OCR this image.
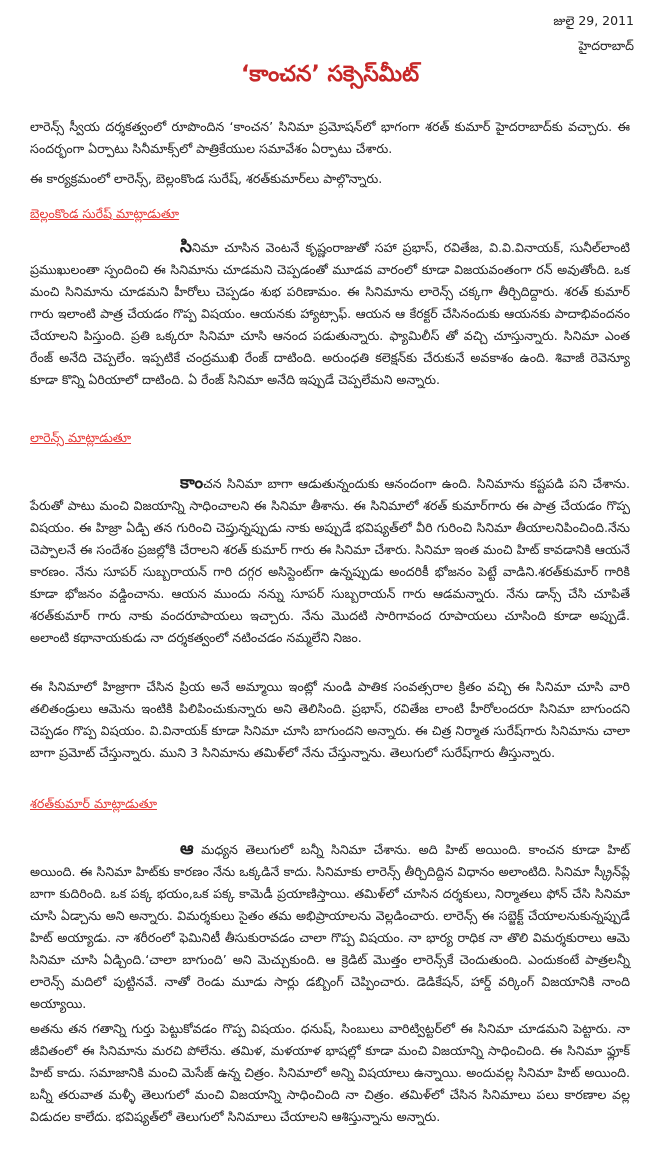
జులై 29, 2011
హైదరాబాద్
‘కాంచన’ సక్సెస్‌మీట్

లారెన్స్ స్వీయ దర్శకత్వంలో రూపొందిన ‘కాంచన’ సినిమా ప్రమోషన్‌లో భాగంగా శరత్ కుమార్ హైదరాబాద్‌కు వచ్చారు. ఈ సందర్భంగా ఏర్పాటు సినీమాక్స్‌లో పాత్రికేయుల సమావేశం ఏర్పాటు చేశారు.

ఈ కార్యక్రమంలో లారెన్స్, బెల్లంకొండ సురేష్, శరత్‌కుమార్‌లు పాల్గొన్నారు.

బెల్లంకొండ సురేష్ మాట్లాడుతూ

సినిమా చూసిన వెంటనే కృష్ణంరాజుతో సహా ప్రభాస్, రవితేజ, వి.వి.వినాయక్, సునీల్‌లాంటి ప్రముఖులంతా స్పందించి ఈ సినిమాను చూడమని చెప్పడంతో మూడవ వారంలో కూడా విజయవంతంగా రన్ అవుతోంది. ఒక మంచి సినిమాను చూడమని హీరోలు చెప్పడం శుభ పరిణామం. ఈ సినిమాను లారెన్స్ చక్కగా తీర్చిదిద్దారు. శరత్ కుమార్ గారు ఇలాంటి పాత్ర చేయడం గొప్ప విషయం. ఆయనకు హ్యాట్సాఫ్. ఆయన ఆ కేరక్టర్ చేసినందుకు ఆయనకు పాదాభివందనం చేయాలని పిస్తుంది. ప్రతి ఒక్కరూ సినిమా చూసి ఆనంద పడుతున్నారు. ఫ్యామిలీస్ తో వచ్చి చూస్తున్నారు. సినిమా ఎంత రేంజ్ అనేది చెప్పలేం. ఇప్పటికే చంద్రముఖి రేంజ్ దాటింది. అరుంధతి కలెక్షన్‌కు చేరుకునే అవకాశం ఉంది. శివాజీ రెవెన్యూ కూడా కొన్ని ఏరియాలో దాటింది. ఏ రేంజ్ సినిమా అనేది ఇప్పుడే చెప్పలేమని అన్నారు.

లారెన్స్ మాట్లాడుతూ

కాంచన సినిమా బాగా ఆడుతున్నందుకు ఆనందంగా ఉంది. సినిమాను కష్టపడి పని చేశాను. పేరుతో పాటు మంచి విజయాన్ని సాధించాలని ఈ సినిమా తీశాను. ఈ సినిమాలో శరత్ కుమార్‌గారు ఈ పాత్ర చేయడం గొప్ప విషయం. ఈ హిజ్రా ఏడ్పి తన గురించి చెప్తున్నప్పుడు నాకు అప్పుడే భవిష్యత్‌లో వీరి గురించి సినిమా తీయాలనిపించింది.నేను చెప్పాలనే ఈ సందేశం ప్రజల్లోకి చేరాలని శరత్ కుమార్ గారు ఈ సినిమా చేశారు. సినిమా ఇంత మంచి హిట్ కావడానికి ఆయనే కారణం. నేను సూపర్ సుబ్బరాయన్ గారి దగ్గర అసిస్టెంట్‌గా ఉన్నప్పుడు అందరికీ భోజనం పెట్టే వాడిని.శరత్‌కుమార్ గారికి కూడా భోజనం వడ్డించాను. ఆయన ముందు నన్ను సూపర్ సుబ్బరాయన్ గారు ఆడమన్నారు. నేను డాన్స్ చేసి చూపితే శరత్‌కుమార్ గారు నాకు వందరూపాయలు ఇచ్చారు. నేను మొదటి సారిగావంద రూపాయలు చూసింది కూడా అప్పుడే. అలాంటి కథానాయకుడు నా దర్శకత్వంలో నటించడం నమ్మలేని నిజం.

ఈ సినిమాలో హిజ్రాగా చేసిన ప్రియ అనే అమ్మాయి ఇంట్లో నుండి పాతిక సంవత్సరాల క్రితం వచ్చి ఈ సినిమా చూసి వారి తలితండ్రులు ఆమెను ఇంటికి పిలిపించుకున్నారు అని తెలిసింది. ప్రభాస్, రవితేజ లాంటి హీరోలందరూ సినిమా బాగుందని చెప్పడం గొప్ప విషయం. వి.వినాయక్ కూడా సినిమా చూసి బాగుందని అన్నారు. ఈ చిత్ర నిర్మాత సురేష్‌గారు సినిమాను చాలా బాగా ప్రమోట్ చేస్తున్నారు. ముని 3 సినిమాను తమిళ్‌లో నేను చేస్తున్నాను. తెలుగులో సురేష్‌గారు తీస్తున్నారు.

శరత్‌కుమార్ మాట్లాడుతూ

ఆ మధ్యన తెలుగులో బన్నీ సినిమా చేశాను. అది హిట్ అయింది. కాంచన కూడా హిట్ అయింది. ఈ సినిమా హిట్‌కు కారణం నేను ఒక్కడినే కాదు. సినిమాకు లారెన్స్ తీర్చిదిద్దిన విధానం అలాంటిది. సినిమా స్క్రీన్‌ప్లే బాగా కుదిరింది. ఒక పక్క భయం,ఒక పక్క కామెడీ ప్రయాణిస్తాయి. తమిళ్‌లో చూసిన దర్శకులు, నిర్మాతలు ఫోన్ చేసి సినిమా చూసి ఏడ్చాను అని అన్నారు. విమర్శకులు సైతం తమ అభిప్రాయాలను వెల్లడించారు. లారెన్స్ ఈ సబ్జెక్ట్ చేయాలనుకున్నప్పుడే హిట్ అయ్యాడు. నా శరీరంలో ఫెమినిటీ తీసుకురావడం చాలా గొప్ప విషయం. నా భార్య రాధిక నా తొలి విమర్శకురాలు ఆమె సినిమా చూసి ఏడ్చింది.‘చాలా బాగుంది’ అని మెచ్చుకుంది. ఆ క్రెడిట్ మొత్తం లారెన్స్‌కే చెందుతుంది. ఎందుకంటే పాత్రలన్నీ లారెన్స్ మదిలో పుట్టినవే. నాతో రెండు మూడు సార్లు డబ్బింగ్ చెప్పించారు. డెడికేషన్, హార్డ్ వర్కింగ్ విజయానికి నాంది అయ్యాయి.

అతను తన గతాన్ని గుర్తు పెట్టుకోవడం గొప్ప విషయం. ధనుష్, సింబులు వారిట్విట్టర్‌లో ఈ సినిమా చూడమని పెట్టారు. నా జీవితంలో ఈ సినిమాను మరచి పోలేను. తమిళ, మళయాళ భాషల్లో కూడా మంచి విజయాన్ని సాధించింది. ఈ సినిమా ఫ్లూక్ హిట్ కాదు. సమాజానికి మంచి మెసేజ్ ఉన్న చిత్రం. సినిమాలో అన్ని విషయాలు ఉన్నాయి. అందువల్ల సినిమా హిట్ అయింది. బన్నీ తరువాత మళ్ళీ తెలుగులో మంచి విజయాన్ని సాధించింది నా చిత్రం. తమిళ్‌లో చేసిన సినిమాలు పలు కారణాల వల్ల విడుదల కాలేదు. భవిష్యత్‌లో తెలుగులో సినిమాలు చేయాలని ఆశిస్తున్నాను అన్నారు.
